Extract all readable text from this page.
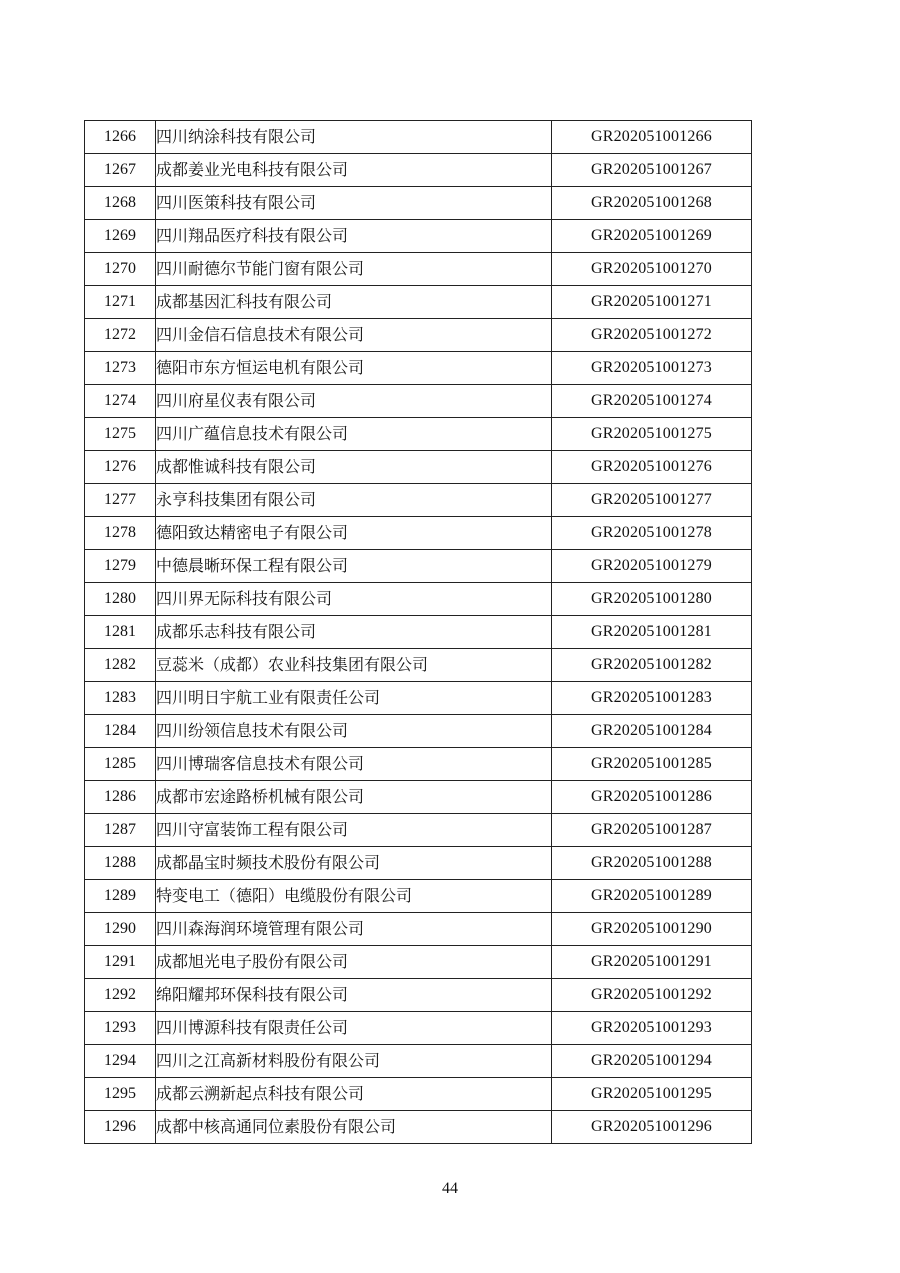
1266	四川纳涂科技有限公司	GR202051001266
1267	成都姜业光电科技有限公司	GR202051001267
1268	四川医策科技有限公司	GR202051001268
1269	四川翔品医疗科技有限公司	GR202051001269
1270	四川耐德尔节能门窗有限公司	GR202051001270
1271	成都基因汇科技有限公司	GR202051001271
1272	四川金信石信息技术有限公司	GR202051001272
1273	德阳市东方恒运电机有限公司	GR202051001273
1274	四川府星仪表有限公司	GR202051001274
1275	四川广蕴信息技术有限公司	GR202051001275
1276	成都惟诚科技有限公司	GR202051001276
1277	永亨科技集团有限公司	GR202051001277
1278	德阳致达精密电子有限公司	GR202051001278
1279	中德晨晰环保工程有限公司	GR202051001279
1280	四川界无际科技有限公司	GR202051001280
1281	成都乐志科技有限公司	GR202051001281
1282	豆蕊米（成都）农业科技集团有限公司	GR202051001282
1283	四川明日宇航工业有限责任公司	GR202051001283
1284	四川纷领信息技术有限公司	GR202051001284
1285	四川博瑞客信息技术有限公司	GR202051001285
1286	成都市宏途路桥机械有限公司	GR202051001286
1287	四川守富装饰工程有限公司	GR202051001287
1288	成都晶宝时频技术股份有限公司	GR202051001288
1289	特变电工（德阳）电缆股份有限公司	GR202051001289
1290	四川森海润环境管理有限公司	GR202051001290
1291	成都旭光电子股份有限公司	GR202051001291
1292	绵阳耀邦环保科技有限公司	GR202051001292
1293	四川博源科技有限责任公司	GR202051001293
1294	四川之江高新材料股份有限公司	GR202051001294
1295	成都云溯新起点科技有限公司	GR202051001295
1296	成都中核高通同位素股份有限公司	GR202051001296
44
